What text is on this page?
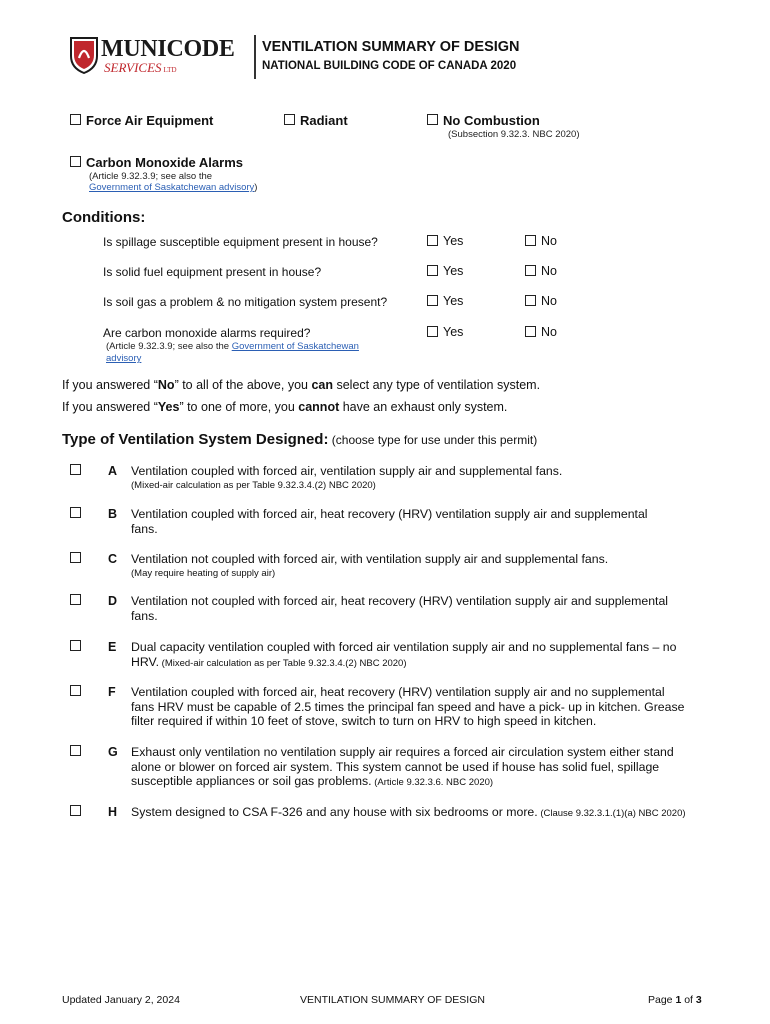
MUNICODE
SERVICES LTD
VENTILATION SUMMARY OF DESIGN
NATIONAL BUILDING CODE OF CANADA 2020
Force Air Equipment	Radiant	No Combustion
(Subsection 9.32.3. NBC 2020)
Carbon Monoxide Alarms
(Article 9.32.3.9; see also the
Government of Saskatchewan advisory)
Conditions:
Is spillage susceptible equipment present in house?	Yes	No
Is solid fuel equipment present in house?	Yes	No
Is soil gas a problem & no mitigation system present?	Yes	No
Are carbon monoxide alarms required?	Yes	No
(Article 9.32.3.9; see also the Government of Saskatchewan
advisory
If you answered “No” to all of the above, you can select any type of ventilation system.
If you answered “Yes” to one of more, you cannot have an exhaust only system.
Type of Ventilation System Designed: (choose type for use under this permit)
A Ventilation coupled with forced air, ventilation supply air and supplemental fans.
(Mixed-air calculation as per Table 9.32.3.4.(2) NBC 2020)
B Ventilation coupled with forced air, heat recovery (HRV) ventilation supply air and supplemental
fans.
C Ventilation not coupled with forced air, with ventilation supply air and supplemental fans.
(May require heating of supply air)
D Ventilation not coupled with forced air, heat recovery (HRV) ventilation supply air and supplemental
fans.
E Dual capacity ventilation coupled with forced air ventilation supply air and no supplemental fans – no
HRV. (Mixed-air calculation as per Table 9.32.3.4.(2) NBC 2020)
F Ventilation coupled with forced air, heat recovery (HRV) ventilation supply air and no supplemental
fans HRV must be capable of 2.5 times the principal fan speed and have a pick- up in kitchen. Grease
filter required if within 10 feet of stove, switch to turn on HRV to high speed in kitchen.
G Exhaust only ventilation no ventilation supply air requires a forced air circulation system either stand
alone or blower on forced air system. This system cannot be used if house has solid fuel, spillage
susceptible appliances or soil gas problems. (Article 9.32.3.6. NBC 2020)
H System designed to CSA F-326 and any house with six bedrooms or more. (Clause 9.32.3.1.(1)(a) NBC 2020)
Updated January 2, 2024	VENTILATION SUMMARY OF DESIGN	Page 1 of 3
